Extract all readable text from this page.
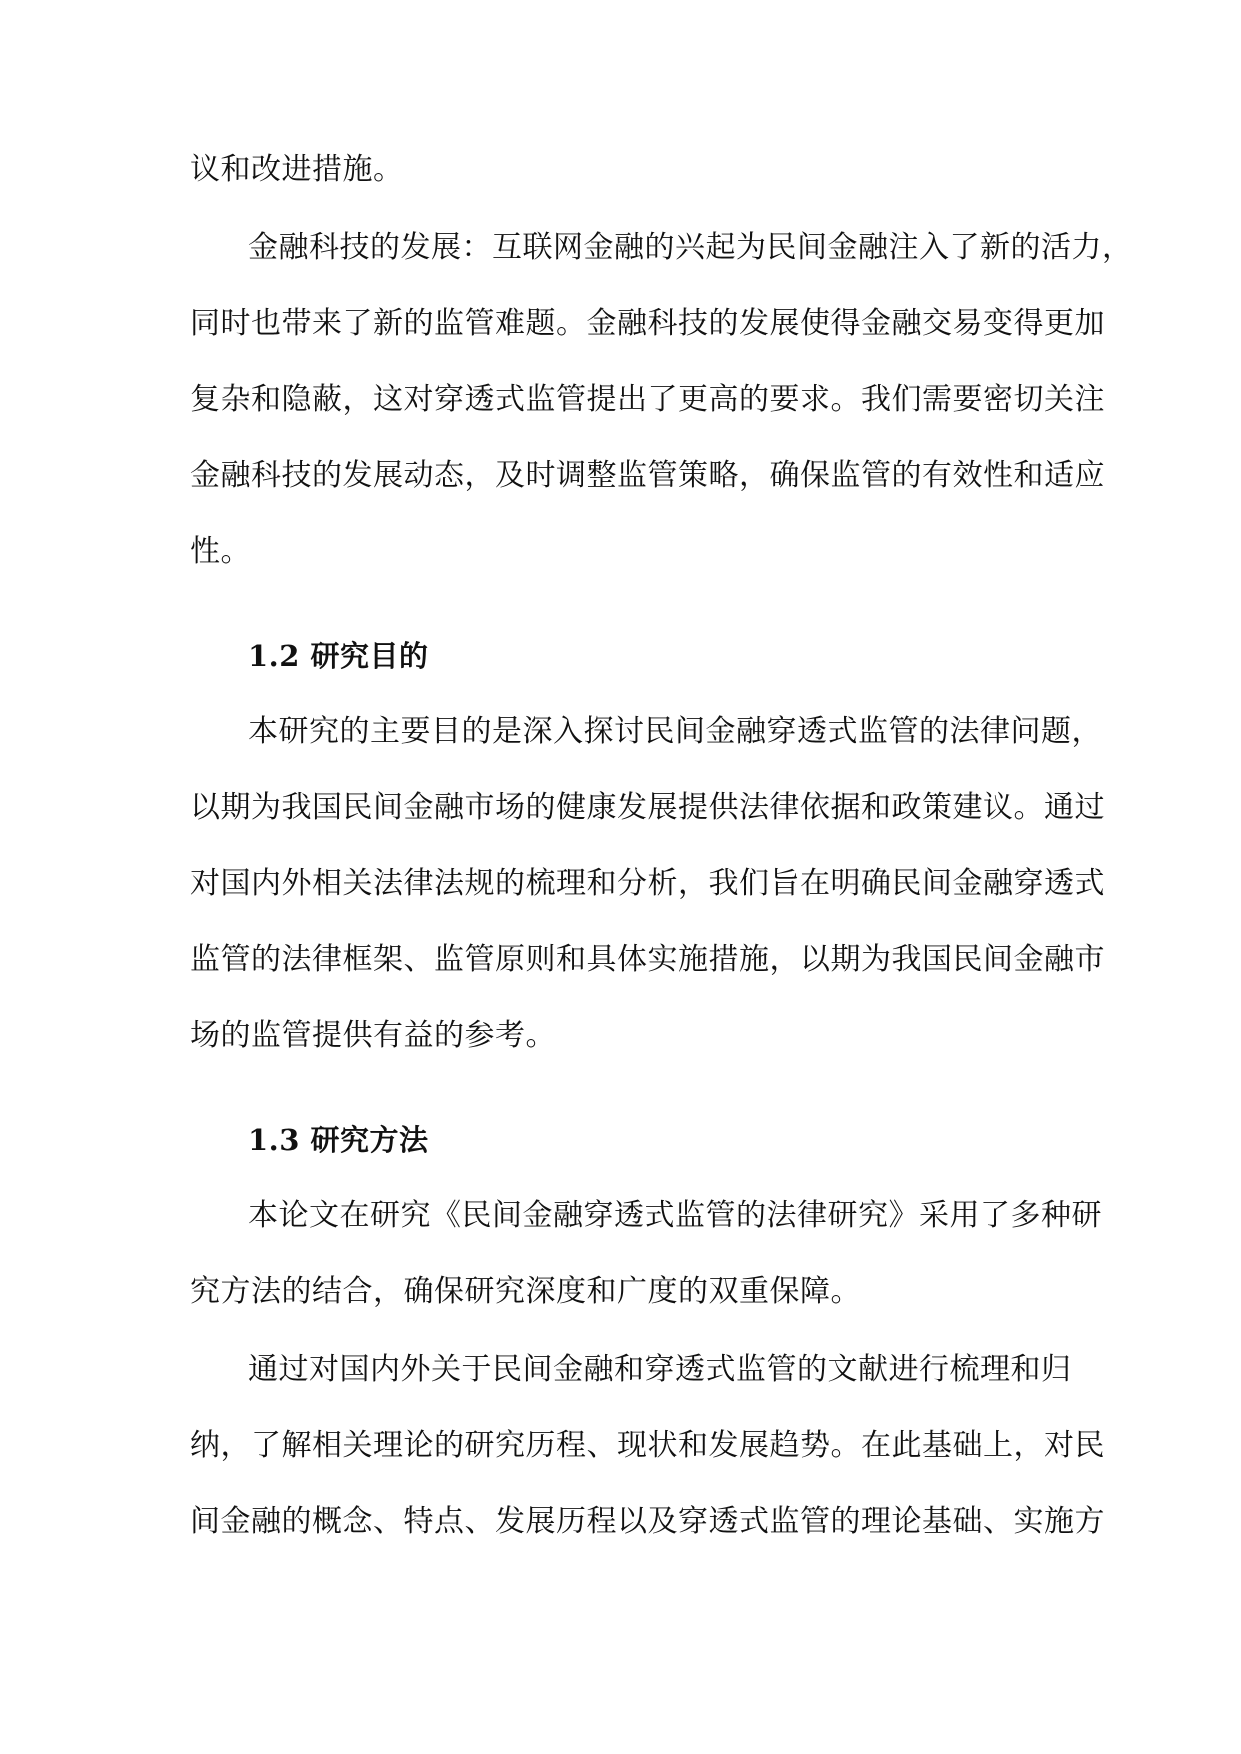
议和改进措施。
金融科技的发展：互联网金融的兴起为民间金融注入了新的活力，
同时也带来了新的监管难题。金融科技的发展使得金融交易变得更加
复杂和隐蔽，这对穿透式监管提出了更高的要求。我们需要密切关注
金融科技的发展动态，及时调整监管策略，确保监管的有效性和适应
性。
1.2 研究目的
本研究的主要目的是深入探讨民间金融穿透式监管的法律问题，
以期为我国民间金融市场的健康发展提供法律依据和政策建议。通过
对国内外相关法律法规的梳理和分析，我们旨在明确民间金融穿透式
监管的法律框架、监管原则和具体实施措施，以期为我国民间金融市
场的监管提供有益的参考。
1.3 研究方法
本论文在研究《民间金融穿透式监管的法律研究》采用了多种研
究方法的结合，确保研究深度和广度的双重保障。
通过对国内外关于民间金融和穿透式监管的文献进行梳理和归
纳，了解相关理论的研究历程、现状和发展趋势。在此基础上，对民
间金融的概念、特点、发展历程以及穿透式监管的理论基础、实施方
